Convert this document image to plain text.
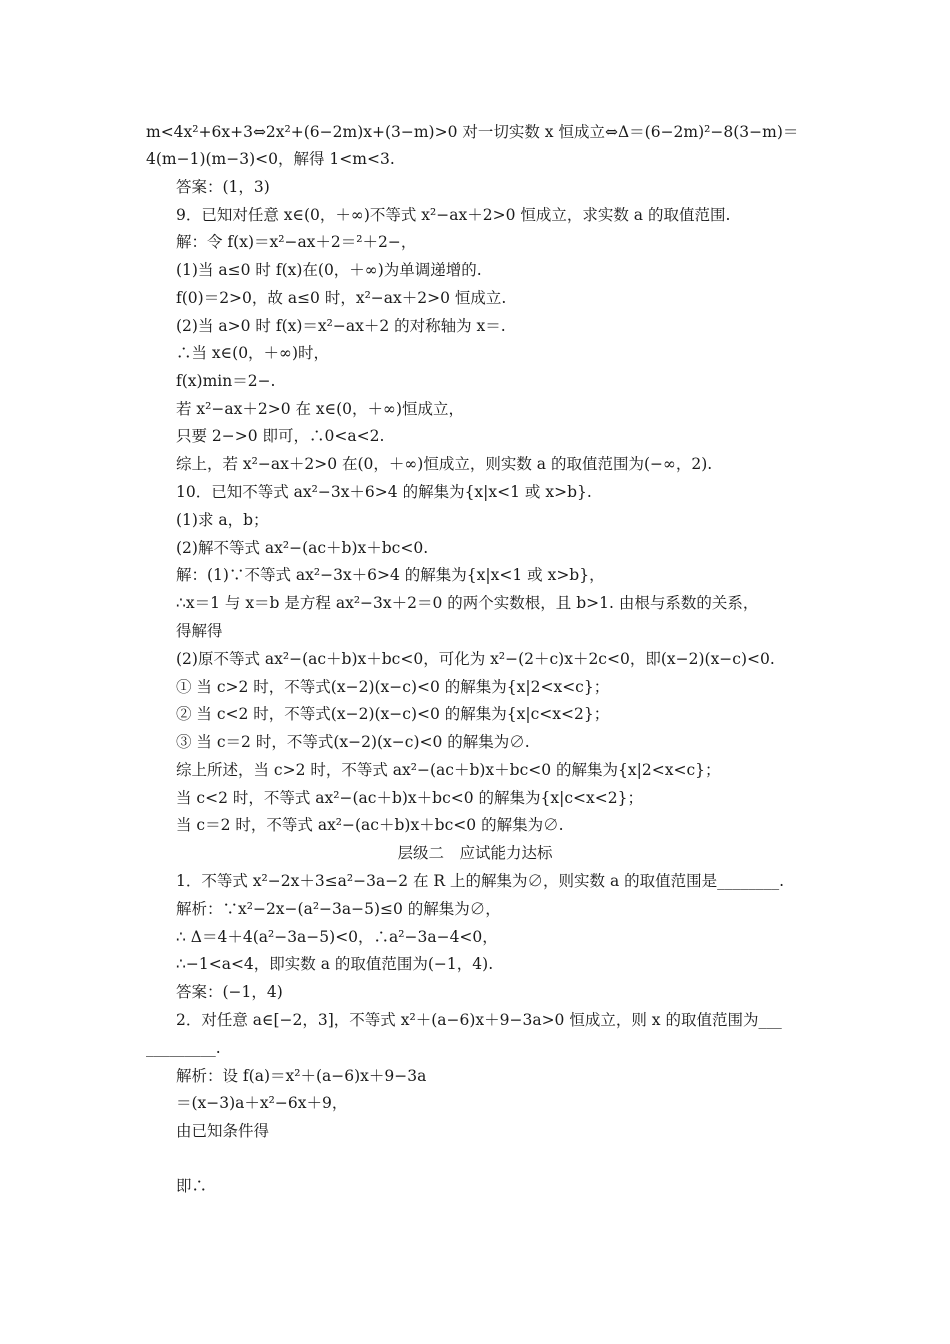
m<4x²+6x+3⇔2x²+(6−2m)x+(3−m)>0 对一切实数 x 恒成立⇔Δ＝(6−2m)²−8(3−m)＝
4(m−1)(m−3)<0，解得 1<m<3.
答案：(1，3)
9．已知对任意 x∈(0，＋∞)不等式 x²−ax＋2>0 恒成立，求实数 a 的取值范围.
解：令 f(x)＝x²−ax＋2＝²＋2−，
(1)当 a≤0 时 f(x)在(0，＋∞)为单调递增的.
f(0)＝2>0，故 a≤0 时，x²−ax＋2>0 恒成立.
(2)当 a>0 时 f(x)＝x²−ax＋2 的对称轴为 x＝.
∴当 x∈(0，＋∞)时，
f(x)min＝2−.
若 x²−ax＋2>0 在 x∈(0，＋∞)恒成立，
只要 2−>0 即可，∴0<a<2.
综上，若 x²−ax＋2>0 在(0，＋∞)恒成立，则实数 a 的取值范围为(−∞，2).
10．已知不等式 ax²−3x＋6>4 的解集为{x|x<1 或 x>b}.
(1)求 a，b；
(2)解不等式 ax²−(ac＋b)x＋bc<0.
解：(1)∵不等式 ax²−3x＋6>4 的解集为{x|x<1 或 x>b}，
∴x＝1 与 x＝b 是方程 ax²−3x＋2＝0 的两个实数根，且 b>1. 由根与系数的关系，
得解得
(2)原不等式 ax²−(ac＋b)x＋bc<0，可化为 x²−(2＋c)x＋2c<0，即(x−2)(x−c)<0.
① 当 c>2 时，不等式(x−2)(x−c)<0 的解集为{x|2<x<c}；
② 当 c<2 时，不等式(x−2)(x−c)<0 的解集为{x|c<x<2}；
③ 当 c＝2 时，不等式(x−2)(x−c)<0 的解集为∅.
综上所述，当 c>2 时，不等式 ax²−(ac＋b)x＋bc<0 的解集为{x|2<x<c}；
当 c<2 时，不等式 ax²−(ac＋b)x＋bc<0 的解集为{x|c<x<2}；
当 c＝2 时，不等式 ax²−(ac＋b)x＋bc<0 的解集为∅.
层级二　应试能力达标
1．不等式 x²−2x＋3≤a²−3a−2 在 R 上的解集为∅，则实数 a 的取值范围是________.
解析：∵x²−2x−(a²−3a−5)≤0 的解集为∅，
∴ Δ＝4＋4(a²−3a−5)<0，∴a²−3a−4<0，
∴−1<a<4，即实数 a 的取值范围为(−1，4).
答案：(−1，4)
2．对任意 a∈[−2，3]，不等式 x²＋(a−6)x＋9−3a>0 恒成立，则 x 的取值范围为___
_________.
解析：设 f(a)＝x²＋(a−6)x＋9−3a
＝(x−3)a＋x²−6x＋9，
由已知条件得
即∴
